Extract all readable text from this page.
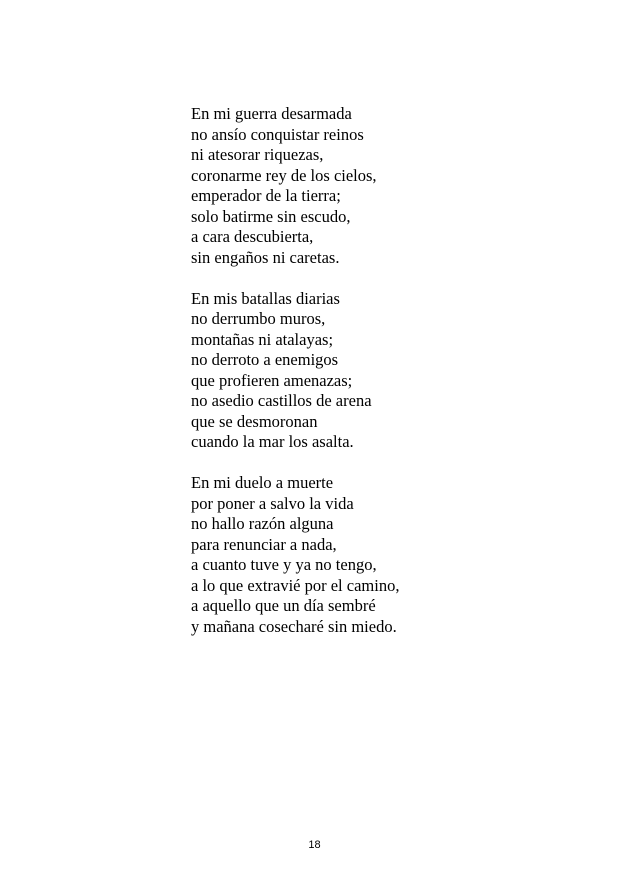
En mi guerra desarmada
no ansío conquistar reinos
ni atesorar riquezas,
coronarme rey de los cielos,
emperador de la tierra;
solo batirme sin escudo,
a cara descubierta,
sin engaños ni caretas.
En mis batallas diarias
no derrumbo muros,
montañas ni atalayas;
no derroto a enemigos
que profieren amenazas;
no asedio castillos de arena
que se desmoronan
cuando la mar los asalta.
En mi duelo a muerte
por poner a salvo la vida
no hallo razón alguna
para renunciar a nada,
a cuanto tuve y ya no tengo,
a lo que extravié por el camino,
a aquello que un día sembré
y mañana cosecharé sin miedo.
18
